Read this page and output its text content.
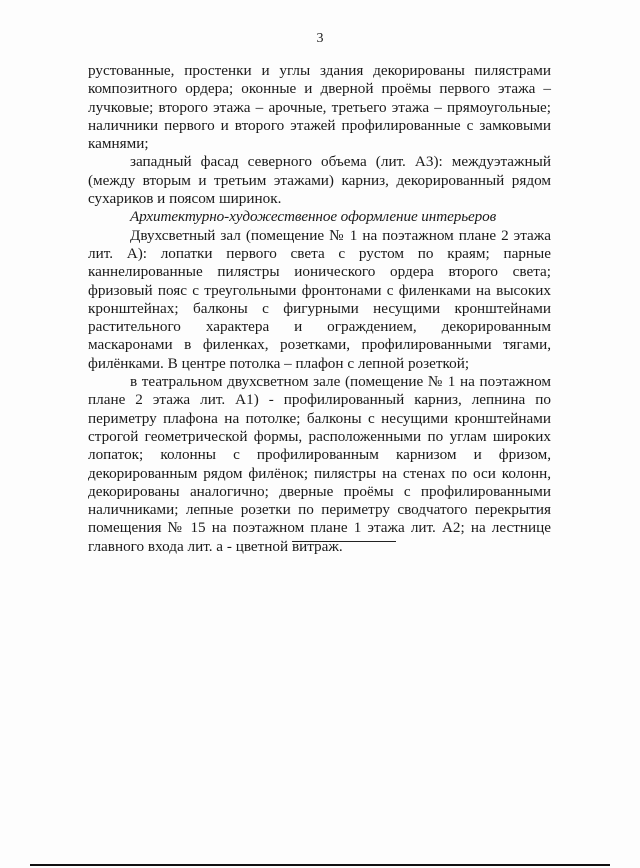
3

рустованные, простенки и углы здания декорированы пилястрами композитного ордера; оконные и дверной проёмы первого этажа – лучковые; второго этажа – арочные, третьего этажа – прямоугольные; наличники первого и второго этажей профилированные с замковыми камнями;

западный фасад северного объема (лит. А3): междуэтажный (между вторым и третьим этажами) карниз, декорированный рядом сухариков и поясом ширинок.

Архитектурно-художественное оформление интерьеров

Двухсветный зал (помещение № 1 на поэтажном плане 2 этажа лит. А): лопатки первого света с рустом по краям; парные каннелированные пилястры ионического ордера второго света; фризовый пояс с треугольными фронтонами с филенками на высоких кронштейнах; балконы с фигурными несущими кронштейнами растительного характера и ограждением, декорированным маскаронами в филенках, розетками, профилированными тягами, филёнками. В центре потолка – плафон с лепной розеткой;

в театральном двухсветном зале (помещение № 1 на поэтажном плане 2 этажа лит. А1) - профилированный карниз, лепнина по периметру плафона на потолке; балконы с несущими кронштейнами строгой геометрической формы, расположенными по углам широких лопаток; колонны с профилированным карнизом и фризом, декорированным рядом филёнок; пилястры на стенах по оси колонн, декорированы аналогично; дверные проёмы с профилированными наличниками; лепные розетки по периметру сводчатого перекрытия помещения № 15 на поэтажном плане 1 этажа лит. А2; на лестнице главного входа лит. а - цветной витраж.
